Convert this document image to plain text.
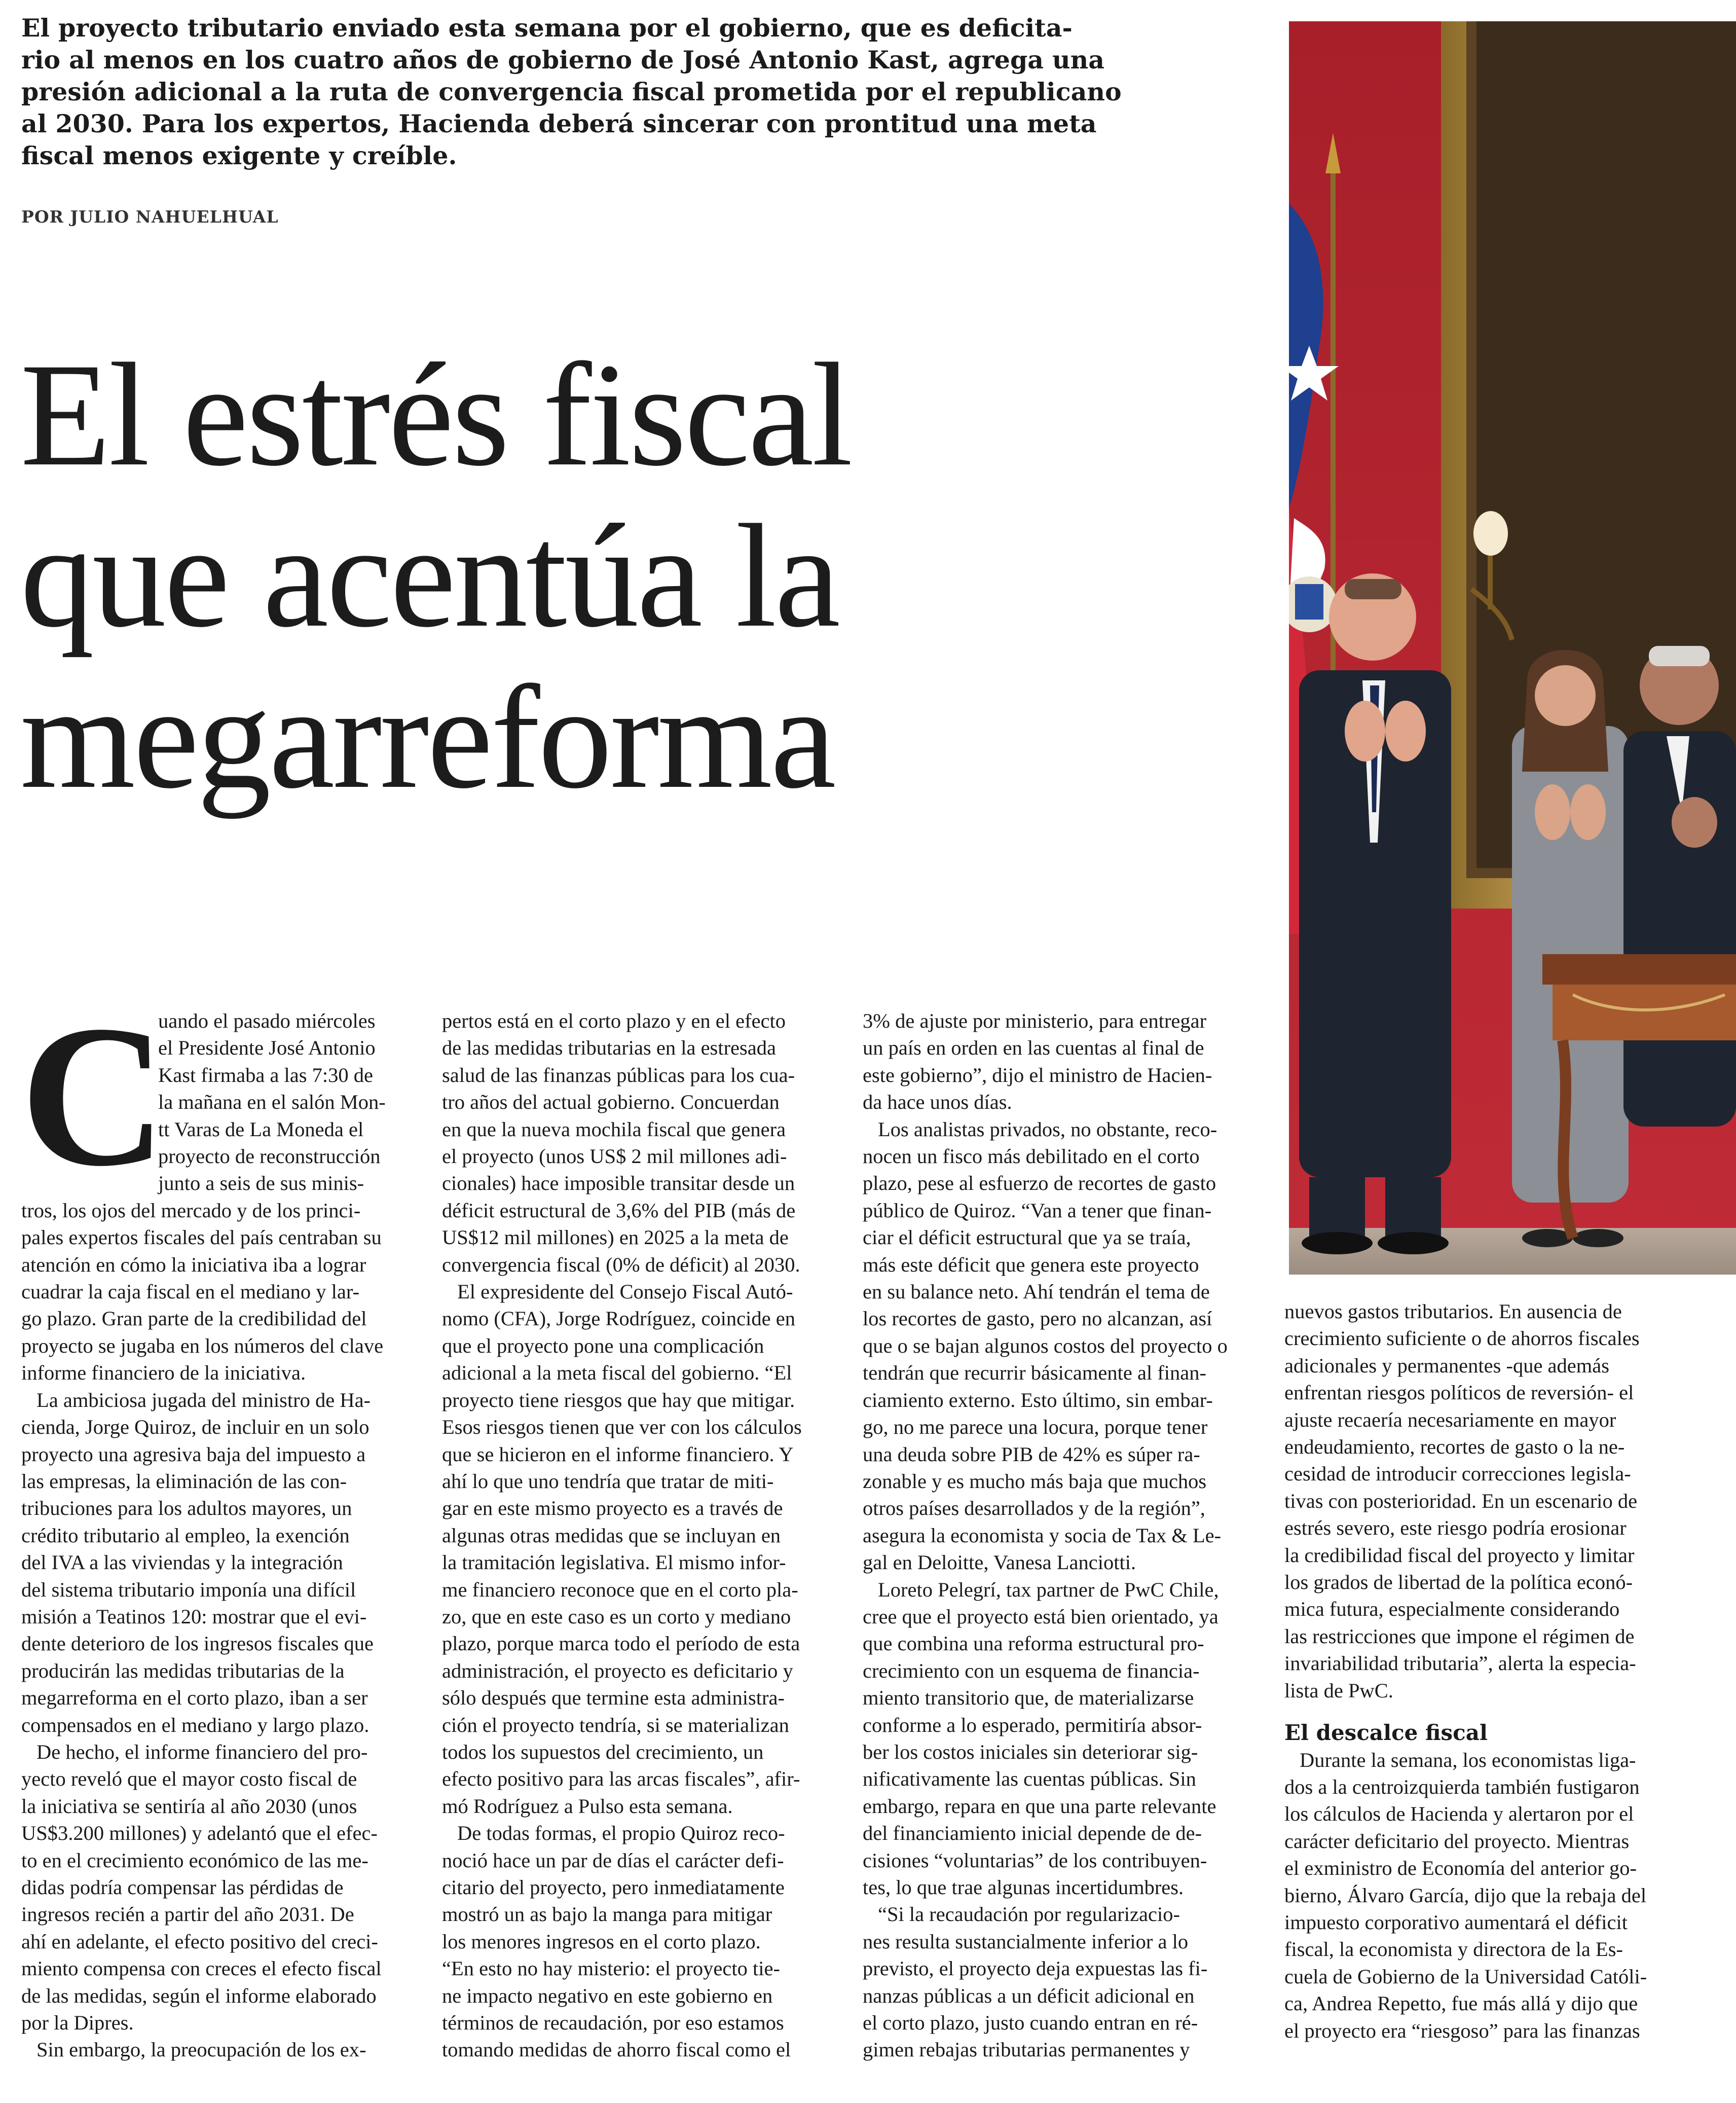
El proyecto tributario enviado esta semana por el gobierno, que es deficita-
rio al menos en los cuatro años de gobierno de José Antonio Kast, agrega una
presión adicional a la ruta de convergencia fiscal prometida por el republicano
al 2030. Para los expertos, Hacienda deberá sincerar con prontitud una meta
fiscal menos exigente y creíble.
POR JULIO NAHUELHUAL
El estrés fiscal
que acentúa la
megarreforma
C
uando el pasado miércoles
el Presidente José Antonio
Kast firmaba a las 7:30 de
la mañana en el salón Mon-
tt Varas de La Moneda el
proyecto de reconstrucción
junto a seis de sus minis-
tros, los ojos del mercado y de los princi-
pales expertos fiscales del país centraban su
atención en cómo la iniciativa iba a lograr
cuadrar la caja fiscal en el mediano y lar-
go plazo. Gran parte de la credibilidad del
proyecto se jugaba en los números del clave
informe financiero de la iniciativa.
La ambiciosa jugada del ministro de Ha-
cienda, Jorge Quiroz, de incluir en un solo
proyecto una agresiva baja del impuesto a
las empresas, la eliminación de las con-
tribuciones para los adultos mayores, un
crédito tributario al empleo, la exención
del IVA a las viviendas y la integración
del sistema tributario imponía una difícil
misión a Teatinos 120: mostrar que el evi-
dente deterioro de los ingresos fiscales que
producirán las medidas tributarias de la
megarreforma en el corto plazo, iban a ser
compensados en el mediano y largo plazo.
De hecho, el informe financiero del pro-
yecto reveló que el mayor costo fiscal de
la iniciativa se sentiría al año 2030 (unos
US$3.200 millones) y adelantó que el efec-
to en el crecimiento económico de las me-
didas podría compensar las pérdidas de
ingresos recién a partir del año 2031. De
ahí en adelante, el efecto positivo del creci-
miento compensa con creces el efecto fiscal
de las medidas, según el informe elaborado
por la Dipres.
Sin embargo, la preocupación de los ex-
pertos está en el corto plazo y en el efecto
de las medidas tributarias en la estresada
salud de las finanzas públicas para los cua-
tro años del actual gobierno. Concuerdan
en que la nueva mochila fiscal que genera
el proyecto (unos US$ 2 mil millones adi-
cionales) hace imposible transitar desde un
déficit estructural de 3,6% del PIB (más de
US$12 mil millones) en 2025 a la meta de
convergencia fiscal (0% de déficit) al 2030.
El expresidente del Consejo Fiscal Autó-
nomo (CFA), Jorge Rodríguez, coincide en
que el proyecto pone una complicación
adicional a la meta fiscal del gobierno. “El
proyecto tiene riesgos que hay que mitigar.
Esos riesgos tienen que ver con los cálculos
que se hicieron en el informe financiero. Y
ahí lo que uno tendría que tratar de miti-
gar en este mismo proyecto es a través de
algunas otras medidas que se incluyan en
la tramitación legislativa. El mismo infor-
me financiero reconoce que en el corto pla-
zo, que en este caso es un corto y mediano
plazo, porque marca todo el período de esta
administración, el proyecto es deficitario y
sólo después que termine esta administra-
ción el proyecto tendría, si se materializan
todos los supuestos del crecimiento, un
efecto positivo para las arcas fiscales”, afir-
mó Rodríguez a Pulso esta semana.
De todas formas, el propio Quiroz reco-
noció hace un par de días el carácter defi-
citario del proyecto, pero inmediatamente
mostró un as bajo la manga para mitigar
los menores ingresos en el corto plazo.
“En esto no hay misterio: el proyecto tie-
ne impacto negativo en este gobierno en
términos de recaudación, por eso estamos
tomando medidas de ahorro fiscal como el
3% de ajuste por ministerio, para entregar
un país en orden en las cuentas al final de
este gobierno”, dijo el ministro de Hacien-
da hace unos días.
Los analistas privados, no obstante, reco-
nocen un fisco más debilitado en el corto
plazo, pese al esfuerzo de recortes de gasto
público de Quiroz. “Van a tener que finan-
ciar el déficit estructural que ya se traía,
más este déficit que genera este proyecto
en su balance neto. Ahí tendrán el tema de
los recortes de gasto, pero no alcanzan, así
que o se bajan algunos costos del proyecto o
tendrán que recurrir básicamente al finan-
ciamiento externo. Esto último, sin embar-
go, no me parece una locura, porque tener
una deuda sobre PIB de 42% es súper ra-
zonable y es mucho más baja que muchos
otros países desarrollados y de la región”,
asegura la economista y socia de Tax & Le-
gal en Deloitte, Vanesa Lanciotti.
Loreto Pelegrí, tax partner de PwC Chile,
cree que el proyecto está bien orientado, ya
que combina una reforma estructural pro-
crecimiento con un esquema de financia-
miento transitorio que, de materializarse
conforme a lo esperado, permitiría absor-
ber los costos iniciales sin deteriorar sig-
nificativamente las cuentas públicas. Sin
embargo, repara en que una parte relevante
del financiamiento inicial depende de de-
cisiones “voluntarias” de los contribuyen-
tes, lo que trae algunas incertidumbres.
“Si la recaudación por regularizacio-
nes resulta sustancialmente inferior a lo
previsto, el proyecto deja expuestas las fi-
nanzas públicas a un déficit adicional en
el corto plazo, justo cuando entran en ré-
gimen rebajas tributarias permanentes y
nuevos gastos tributarios. En ausencia de
crecimiento suficiente o de ahorros fiscales
adicionales y permanentes -que además
enfrentan riesgos políticos de reversión- el
ajuste recaería necesariamente en mayor
endeudamiento, recortes de gasto o la ne-
cesidad de introducir correcciones legisla-
tivas con posterioridad. En un escenario de
estrés severo, este riesgo podría erosionar
la credibilidad fiscal del proyecto y limitar
los grados de libertad de la política econó-
mica futura, especialmente considerando
las restricciones que impone el régimen de
invariabilidad tributaria”, alerta la especia-
lista de PwC.
El descalce fiscal
Durante la semana, los economistas liga-
dos a la centroizquierda también fustigaron
los cálculos de Hacienda y alertaron por el
carácter deficitario del proyecto. Mientras
el exministro de Economía del anterior go-
bierno, Álvaro García, dijo que la rebaja del
impuesto corporativo aumentará el déficit
fiscal, la economista y directora de la Es-
cuela de Gobierno de la Universidad Católi-
ca, Andrea Repetto, fue más allá y dijo que
el proyecto era “riesgoso” para las finanzas
